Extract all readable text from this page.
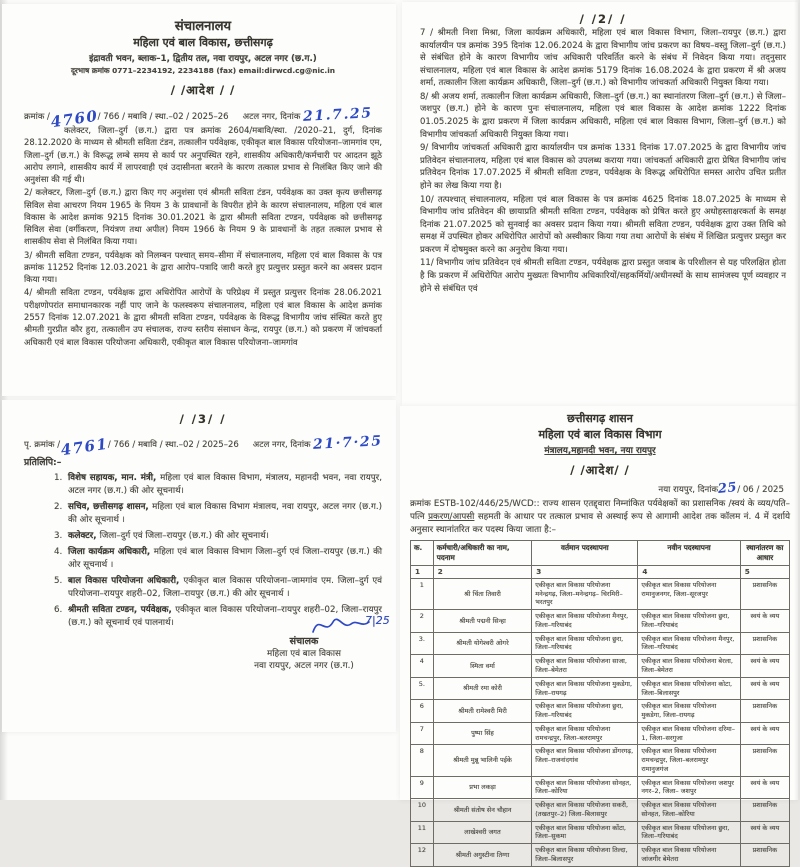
संचालनालय
महिला एवं बाल विकास, छत्तीसगढ़
इंद्रावती भवन, ब्लाक–1, द्वितीय तल, नवा रायपुर, अटल नगर (छ.ग.)
दूरभाष क्रमांक 0771–2234192, 2234188 (fax) email:dirwcd.cg@nic.in
/ /आदेश / /
क्रमांक /4760/ 766 / मबावि / स्था.–02 / 2025–26 अटल नगर, दिनांक 21.7.25

कलेक्टर, जिला–दुर्ग (छ.ग.) द्वारा पत्र क्रमांक 2604/मबावि/स्था. /2020–21, दुर्ग, दिनांक 28.12.2020 के माध्यम से श्रीमती सविता टंडन, तत्कालीन पर्यवेक्षक, एकीकृत बाल विकास परियोजना–जामगांव एम, जिला–दुर्ग (छ.ग.) के विरूद्ध लम्बे समय से कार्य पर अनुपस्थित रहने, शासकीय अधिकारी/कर्मचारी पर आदतन झूठे आरोप लगाने, शासकीय कार्य में लापरवाही एवं उदासीनता बरतने के कारण तत्काल प्रभाव से निलंबित किए जाने की अनुशंसा की गई थी।

2/ कलेक्टर, जिला–दुर्ग (छ.ग.) द्वारा किए गए अनुशंसा एवं श्रीमती सविता टंडन, पर्यवेक्षक का उक्त कृत्य छत्तीसगढ़ सिविल सेवा आचरण नियम 1965 के नियम 3 के प्रावधानों के विपरीत होने के कारण संचालनालय, महिला एवं बाल विकास के आदेश क्रमांक 9215 दिनांक 30.01.2021 के द्वारा श्रीमती सविता टण्डन, पर्यवेक्षक को छत्तीसगढ़ सिविल सेवा (वर्गीकरण, नियंत्रण तथा अपील) नियम 1966 के नियम 9 के प्रावधानों के तहत तत्काल प्रभाव से शासकीय सेवा से निलंबित किया गया।

3/ श्रीमती सविता टण्डन, पर्यवेक्षक को निलम्बन पश्चात् समय–सीमा में संचालनालय, महिला एवं बाल विकास के पत्र क्रमांक 11252 दिनांक 12.03.2021 के द्वारा आरोप–पत्रादि जारी करते हुए प्रत्युत्तर प्रस्तुत करने का अवसर प्रदान किया गया।

4/ श्रीमती सविता टण्डन, पर्यवेक्षक द्वारा अधिरोपित आरोपों के परिप्रेक्ष्य में प्रस्तुत प्रत्युत्तर दिनांक 28.06.2021 परीक्षणोपरांत समाधानकारक नहीं पाए जाने के फलस्वरूप संचालनालय, महिला एवं बाल विकास के आदेश क्रमांक 2557 दिनांक 12.07.2021 के द्वारा श्रीमती सविता टण्डन, पर्यवेक्षक के विरूद्ध विभागीय जांच संस्थित करते हुए श्रीमती गुरप्रीत कौर हुरा, तत्कालीन उप संचालक, राज्य स्तरीय संसाधन केन्द्र, रायपुर (छ.ग.) को प्रकरण में जांचकर्ता अधिकारी एवं बाल विकास परियोजना अधिकारी, एकीकृत बाल विकास परियोजना–जामगांव

/ /2/ /

7 / श्रीमती निशा मिश्रा, जिला कार्यक्रम अधिकारी, महिला एवं बाल विकास विभाग, जिला–रायपुर (छ.ग.) द्वारा कार्यालयीन पत्र क्रमांक 395 दिनांक 12.06.2024 के द्वारा विभागीय जांच प्रकरण का विषय–वस्तु जिला–दुर्ग (छ.ग.) से संबंधित होने के कारण विभागीय जांच अधिकारी परिवर्तित करने के संबंध में निवेदन किया गया। तद्नुसार संचालनालय, महिला एवं बाल विकास के आदेश क्रमांक 5179 दिनांक 16.08.2024 के द्वारा प्रकरण में श्री अजय शर्मा, तत्कालीन जिला कार्यक्रम अधिकारी, जिला–दुर्ग (छ.ग.) को विभागीय जांचकर्ता अधिकारी नियुक्त किया गया।

8/ श्री अजय शर्मा, तत्कालीन जिला कार्यक्रम अधिकारी, जिला–दुर्ग (छ.ग.) का स्थानांतरण जिला–दुर्ग (छ.ग.) से जिला–जशपुर (छ.ग.) होने के कारण पुनः संचालनालय, महिला एवं बाल विकास के आदेश क्रमांक 1222 दिनांक 01.05.2025 के द्वारा प्रकरण में जिला कार्यक्रम अधिकारी, महिला एवं बाल विकास विभाग, जिला–दुर्ग (छ.ग.) को विभागीय जांचकर्ता अधिकारी नियुक्त किया गया।

9/ विभागीय जांचकर्ता अधिकारी द्वारा कार्यालयीन पत्र क्रमांक 1331 दिनांक 17.07.2025 के द्वारा विभागीय जांच प्रतिवेदन संचालनालय, महिला एवं बाल विकास को उपलब्ध कराया गया। जांचकर्ता अधिकारी द्वारा प्रेषित विभागीय जांच प्रतिवेदन दिनांक 17.07.2025 में श्रीमती सविता टण्डन, पर्यवेक्षक के विरूद्ध अधिरोपित समस्त आरोप उचित प्रतीत होने का लेख किया गया है।

10/ तत्पश्चात् संचालनालय, महिला एवं बाल विकास के पत्र क्रमांक 4625 दिनांक 18.07.2025 के माध्यम से विभागीय जांच प्रतिवेदन की छायाप्रति श्रीमती सविता टण्डन, पर्यवेक्षक को प्रेषित करते हुए अधोहस्ताक्षरकर्ता के समक्ष दिनांक 21.07.2025 को सुनवाई का अवसर प्रदान किया गया। श्रीमती सविता टण्डन, पर्यवेक्षक द्वारा उक्त तिथि को समक्ष में उपस्थित होकर अधिरोपित आरोपों को अस्वीकार किया गया तथा आरोपों के संबंध में लिखित प्रत्युत्तर प्रस्तुत कर प्रकरण में दोषमुक्त करने का अनुरोध किया गया।

11/ विभागीय जांच प्रतिवेदन एवं श्रीमती सविता टण्डन, पर्यवेक्षक द्वारा प्रस्तुत जवाब के परिशीलन से यह परिलक्षित होता है कि प्रकरण में अधिरोपित आरोप मुख्यतः विभागीय अधिकारियों/सहकर्मियों/अधीनस्थों के साथ सामंजस्य पूर्ण व्यवहार न होने से संबंधित एवं

/ /3/ /
पृ. क्रमांक /4761/ 766 / मबावि / स्था.–02 / 2025–26 अटल नगर, दिनांक 21·7·25
प्रतिलिपि:–
1. विशेष सहायक, मान. मंत्री, महिला एवं बाल विकास विभाग, मंत्रालय, महानदी भवन, नवा रायपुर, अटल नगर (छ.ग.) की ओर सूचनार्थ।
2. सचिव, छत्तीसगढ़ शासन, महिला एवं बाल विकास विभाग मंत्रालय, नवा रायपुर, अटल नगर (छ.ग.) की ओर सूचनार्थ ।
3. कलेक्टर, जिला–दुर्ग एवं जिला–रायपुर (छ.ग.) की ओर सूचनार्थ।
4. जिला कार्यक्रम अधिकारी, महिला एवं बाल विकास विभाग जिला–दुर्ग एवं जिला–रायपुर (छ.ग.) की ओर सूचनार्थ ।
5. बाल विकास परियोजना अधिकारी, एकीकृत बाल विकास परियोजना–जामगांव एम. जिला–दुर्ग एवं परियोजना–रायपुर शहरी–02, जिला–रायपुर (छ.ग.) की ओर सूचनार्थ ।
6. श्रीमती सविता टण्डन, पर्यवेक्षक, एकीकृत बाल विकास परियोजना–रायपुर शहरी–02, जिला–रायपुर (छ.ग.) को सूचनार्थ एवं पालनार्थ।	7|25
संचालक
महिला एवं बाल विकास
नवा रायपुर, अटल नगर (छ.ग.)
छत्तीसगढ़ शासन
महिला एवं बाल विकास विभाग
मंत्रालय,महानदी भवन, नया रायपुर
/ /आदेश/ /
नया रायपुर, दिनांक25/ 06 / 2025
क्रमांक ESTB-102/446/25/WCD:: राज्य शासन एतद्द्वारा निम्नांकित पर्यवेक्षकों का प्रशासनिक /स्वयं के व्यय/पति–पत्नि प्रकरण/आपसी सहमती के आधार पर तत्काल प्रभाव से अस्थाई रूप से आगामी आदेश तक कॉलम नं. 4 में दर्शाये अनुसार स्थानांतरित कर पदस्थ किया जाता है:–
क.	कर्मचारी/अधिकारी का नाम, पदनाम	वर्तमान पदस्थापना	नवीन पदस्थापना	स्थानांतरण का आधार
1	2	3	4	5
1	श्री चिंता तिवारी	एकीकृत बाल विकास परियोजना मनेन्द्रगढ़, जिला–मनेन्द्रगढ़– चिरमिरी–भरतपुर	एकीकृत बाल विकास परियोजना रामानुजनगर, जिला–सूरजपुर	प्रशासनिक
2	श्रीमती पद्मनी सिन्हा	एकीकृत बाल विकास परियोजना मैनपुर, जिला–गरियाबंद	एकीकृत बाल विकास परियोजना छुरा, जिला–गरियाबंद	स्वयं के व्यय
3.	श्रीमती योगेश्वरी ओगरे	एकीकृत बाल विकास परियोजना छुरा, जिला–गरियाबंद	एकीकृत बाल विकास परियोजना मैनपुर, जिला–गरियाबंद	प्रशासनिक
4	स्मिता वर्मा	एकीकृत बाल विकास परियोजना साजा, जिला–बेमेतरा	एकीकृत बाल विकास परियोजना बेरला, जिला–बेमेतरा	स्वयं के व्यय
5.	श्रीमती रमा कोरी	एकीकृत बाल विकास परियोजना मुकडेगा, जिला–रायगढ़	एकीकृत बाल विकास परियोजना कोटा, जिला–बिलासपुर	स्वयं के व्यय
6	श्रीमती रामेश्वरी मिरी	एकीकृत बाल विकास परियोजना छुरा, जिला–गरियाबंद	एकीकृत बाल विकास परियोजना मुकडेगा, जिला–रायगढ़	प्रशासनिक
7	पुष्पा सिंह	एकीकृत बाल विकास परियोजना रामचन्द्रपुर, जिला–बलरामपुर	एकीकृत बाल विकास परियोजना दरिमा–1, जिला–सरगुजा	स्वयं के व्यय
8	श्रीमती मुन्नू भालिनी पईके	एकीकृत बाल विकास परियोजना डोंगरगढ़, जिला–राजनांदगांव	एकीकृत बाल विकास परियोजना रामचन्द्रपुर, जिला–बलरामपुर रामानुजगंज	प्रशासनिक
9	प्रभा लकड़ा	एकीकृत बाल विकास परियोजना सोनहत, जिला–कोरिया	एकीकृत बाल विकास परियोजना जशपुर नगर–2, जिला– जशपुर	स्वयं के व्यय
10	श्रीमती संतोष सेन चौहान	एकीकृत बाल विकास परियोजना सकरी, (तखतपुर–2) जिला–बिलासपुर	एकीकृत बाल विकास परियोजना सोनहत, जिला–कोरिया	प्रशासनिक
11	लाखेश्वरी जगत	एकीकृत बाल विकास परियोजना कोंटा, जिला–सुकमा	एकीकृत बाल विकास परियोजना छुरा, जिला–गरियाबंद	स्वयं के व्यय
12	श्रीमती अगुस्टीना तिग्गा	एकीकृत बाल विकास परियोजना तिल्दा, जिला–बिलासपुर	एकीकृत बाल विकास परियोजना जांजगीर बेमेतरा	प्रशासनिक
